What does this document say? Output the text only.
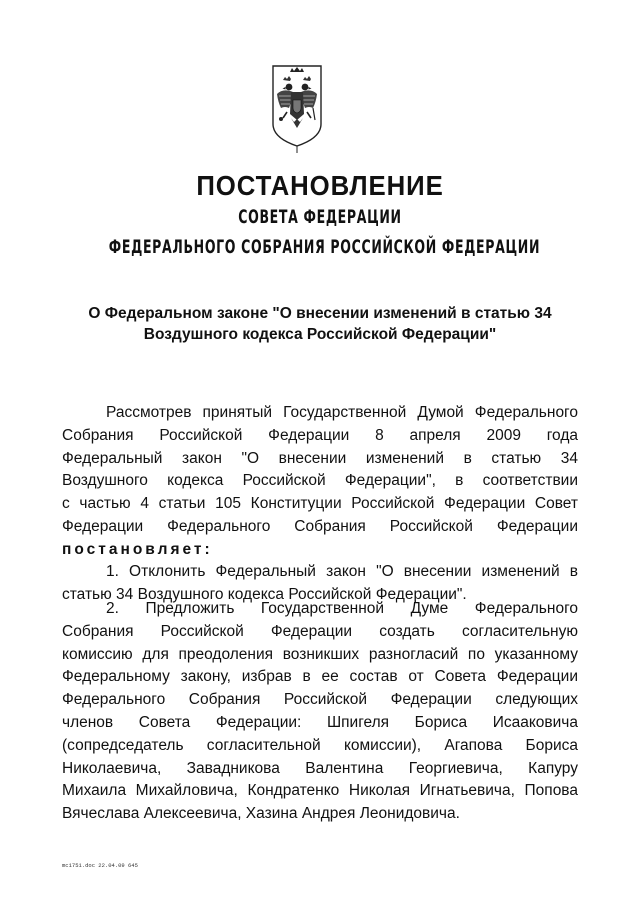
ПОСТАНОВЛЕНИЕ
СОВЕТА ФЕДЕРАЦИИ
ФЕДЕРАЛЬНОГО СОБРАНИЯ РОССИЙСКОЙ ФЕДЕРАЦИИ
О Федеральном законе "О внесении изменений в статью 34
Воздушного кодекса Российской Федерации"

Рассмотрев принятый Государственной Думой Федерального
Собрания Российской Федерации 8 апреля 2009 года
Федеральный закон "О внесении изменений в статью 34
Воздушного кодекса Российской Федерации", в соответствии
с частью 4 статьи 105 Конституции Российской Федерации Совет
Федерации Федерального Собрания Российской Федерации
постановляет:

1. Отклонить Федеральный закон "О внесении изменений в
статью 34 Воздушного кодекса Российской Федерации".

2. Предложить Государственной Думе Федерального
Собрания Российской Федерации создать согласительную
комиссию для преодоления возникших разногласий по указанному
Федеральному закону, избрав в ее состав от Совета Федерации
Федерального Собрания Российской Федерации следующих
членов Совета Федерации: Шпигеля Бориса Исааковича
(сопредседатель согласительной комиссии), Агапова Бориса
Николаевича, Завадникова Валентина Георгиевича, Капуру
Михаила Михайловича, Кондратенко Николая Игнатьевича, Попова
Вячеслава Алексеевича, Хазина Андрея Леонидовича.

mc1751.doc 22.04.09 645
